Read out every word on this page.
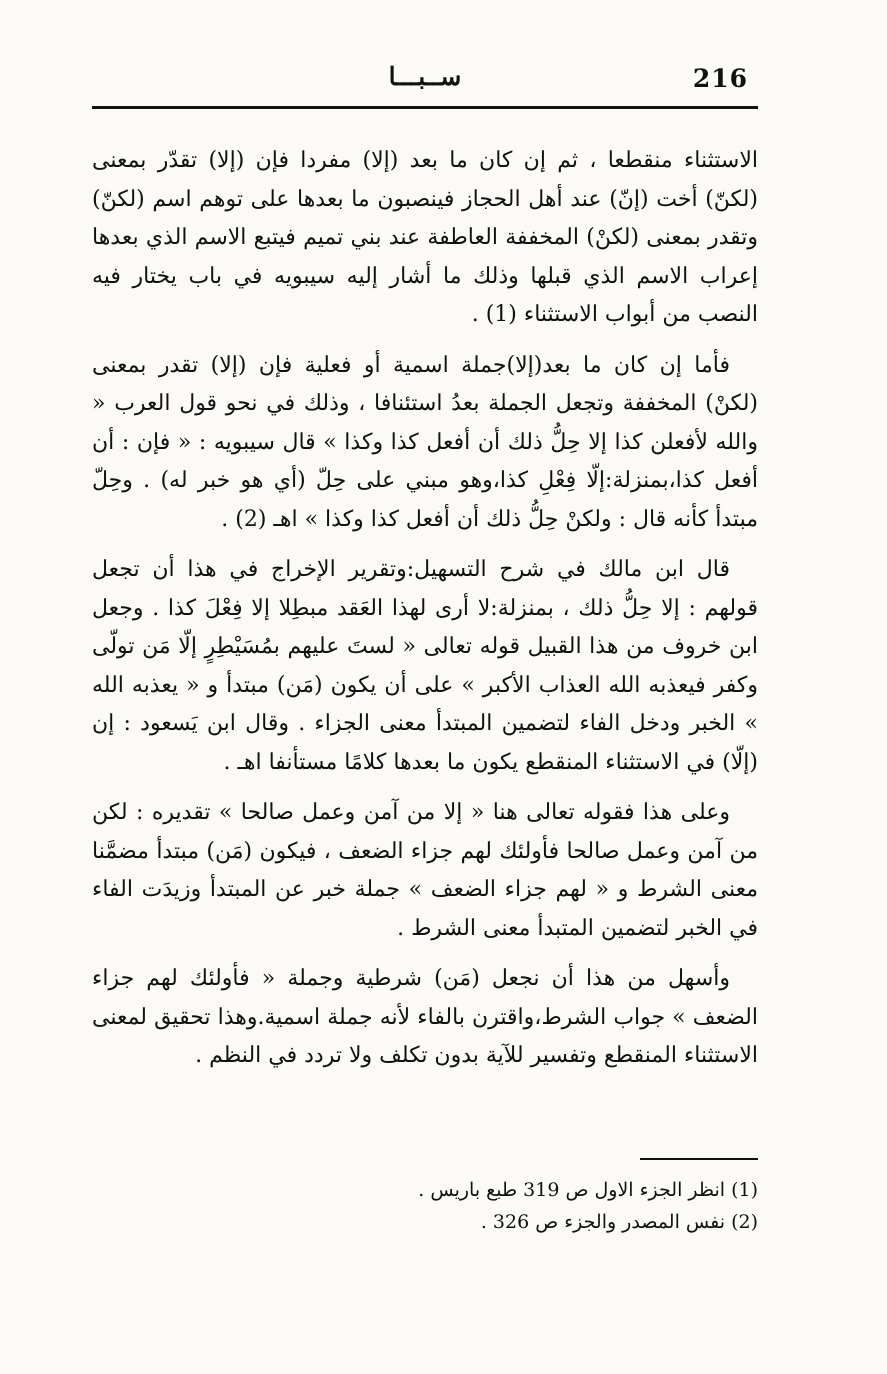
216
ســبـــا

الاستثناء منقطعا ، ثم إن كان ما بعد (إلا) مفردا فإن (إلا) تقدّر بمعنى (لكنّ) أخت (إنّ) عند أهل الحجاز فينصبون ما بعدها على توهم اسم (لكنّ) وتقدر بمعنى (لكنْ) المخففة العاطفة عند بني تميم فيتبع الاسم الذي بعدها إعراب الاسم الذي قبلها وذلك ما أشار إليه سيبويه في باب يختار فيه النصب من أبواب الاستثناء (1) .

فأما إن كان ما بعد(إلا)جملة اسمية أو فعلية فإن (إلا) تقدر بمعنى (لكنْ) المخففة وتجعل الجملة بعدُ استئنافا ، وذلك في نحو قول العرب « والله لأفعلن كذا إلا حِلُّ ذلك أن أفعل كذا وكذا » قال سيبويه : « فإن : أن أفعل كذا،بمنزلة:إلّا فِعْلِ كذا،وهو مبني على حِلّ (أي هو خبر له) . وحِلّ مبتدأ كأنه قال : ولكنْ حِلُّ ذلك أن أفعل كذا وكذا » اهـ (2) .

قال ابن مالك في شرح التسهيل:وتقرير الإخراج في هذا أن تجعل قولهم : إلا حِلُّ ذلك ، بمنزلة:لا أرى لهذا العَقد مبطِلا إلا فِعْلَ كذا . وجعل ابن خروف من هذا القبيل قوله تعالى « لستَ عليهم بمُسَيْطِرٍ إلّا مَن تولّى وكفر فيعذبه الله العذاب الأكبر » على أن يكون (مَن) مبتدأ و « يعذبه الله » الخبر ودخل الفاء لتضمين المبتدأ معنى الجزاء . وقال ابن يَسعود : إن (إلّا) في الاستثناء المنقطع يكون ما بعدها كلامًا مستأنفا اهـ .

وعلى هذا فقوله تعالى هنا « إلا من آمن وعمل صالحا » تقديره : لكن من آمن وعمل صالحا فأولئك لهم جزاء الضعف ، فيكون (مَن) مبتدأ مضمَّنا معنى الشرط و « لهم جزاء الضعف » جملة خبر عن المبتدأ وزيدَت الفاء في الخبر لتضمين المتبدأ معنى الشرط .

وأسهل من هذا أن نجعل (مَن) شرطية وجملة « فأولئك لهم جزاء الضعف » جواب الشرط،واقترن بالفاء لأنه جملة اسمية.وهذا تحقيق لمعنى الاستثناء المنقطع وتفسير للآية بدون تكلف ولا تردد في النظم .

(1) انظر الجزء الاول ص 319 طبع باريس .
(2) نفس المصدر والجزء ص 326 .
